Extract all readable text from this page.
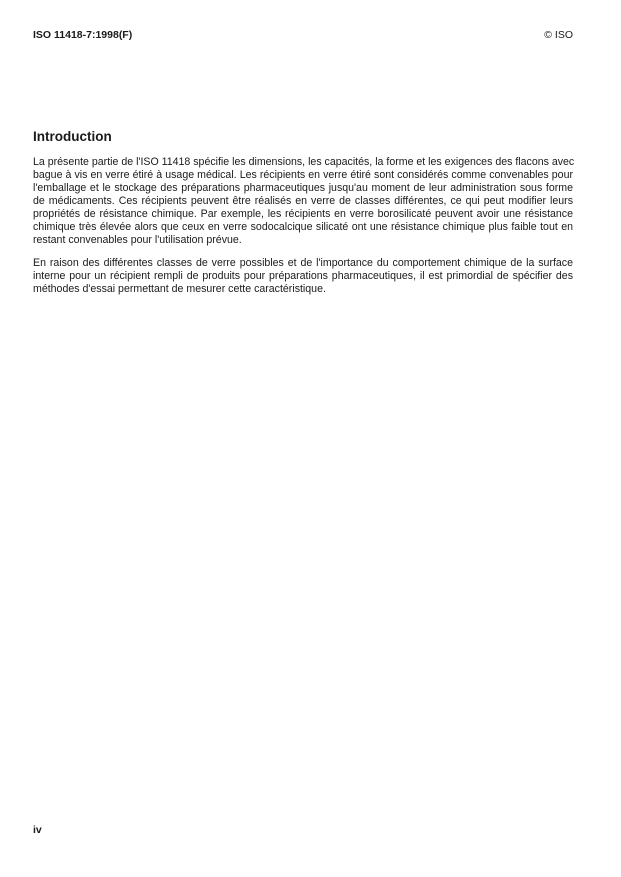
ISO 11418-7:1998(F)	© ISO
Introduction
La présente partie de l'ISO 11418 spécifie les dimensions, les capacités, la forme et les exigences des flacons avec
bague à vis en verre étiré à usage médical. Les récipients en verre étiré sont considérés comme convenables pour
l'emballage et le stockage des préparations pharmaceutiques jusqu'au moment de leur administration sous forme
de médicaments. Ces récipients peuvent être réalisés en verre de classes différentes, ce qui peut modifier leurs
propriétés de résistance chimique. Par exemple, les récipients en verre borosilicaté peuvent avoir une résistance
chimique très élevée alors que ceux en verre sodocalcique silicaté ont une résistance chimique plus faible tout en
restant convenables pour l'utilisation prévue.
En raison des différentes classes de verre possibles et de l'importance du comportement chimique de la surface
interne pour un récipient rempli de produits pour préparations pharmaceutiques, il est primordial de spécifier des
méthodes d'essai permettant de mesurer cette caractéristique.
iv
